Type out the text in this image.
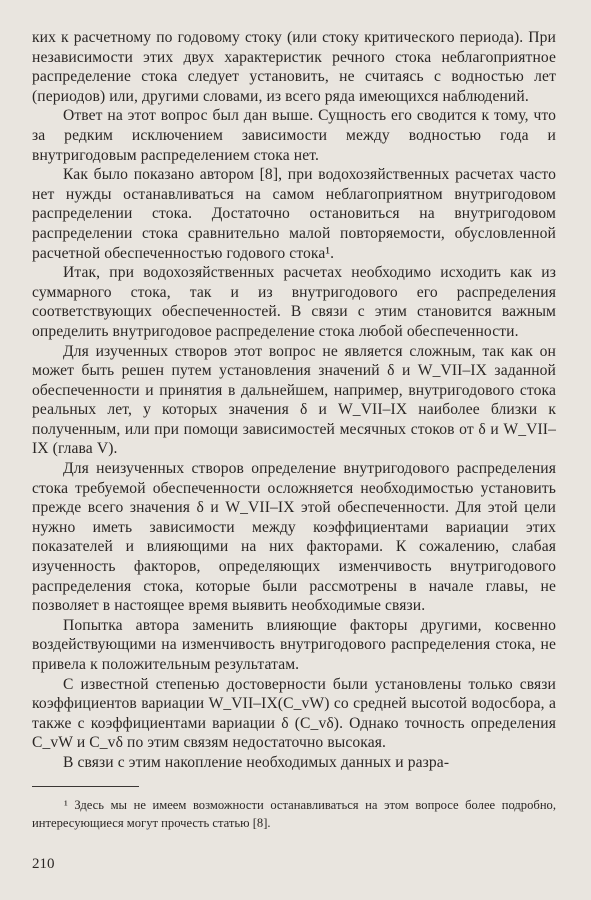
ких к расчетному по годовому стоку (или стоку критического периода). При независимости этих двух характеристик речного стока неблагоприятное распределение стока следует установить, не считаясь с водностью лет (периодов) или, другими словами, из всего ряда имеющихся наблюдений.

Ответ на этот вопрос был дан выше. Сущность его сводится к тому, что за редким исключением зависимости между водностью года и внутригодовым распределением стока нет.

Как было показано автором [8], при водохозяйственных расчетах часто нет нужды останавливаться на самом неблагоприятном внутригодовом распределении стока. Достаточно остановиться на внутригодовом распределении стока сравнительно малой повторяемости, обусловленной расчетной обеспеченностью годового стока¹.

Итак, при водохозяйственных расчетах необходимо исходить как из суммарного стока, так и из внутригодового его распределения соответствующих обеспеченностей. В связи с этим становится важным определить внутригодовое распределение стока любой обеспеченности.

Для изученных створов этот вопрос не является сложным, так как он может быть решен путем установления значений δ и W_VII–IX заданной обеспеченности и принятия в дальнейшем, например, внутригодового стока реальных лет, у которых значения δ и W_VII–IX наиболее близки к полученным, или при помощи зависимостей месячных стоков от δ и W_VII–IX (глава V).

Для неизученных створов определение внутригодового распределения стока требуемой обеспеченности осложняется необходимостью установить прежде всего значения δ и W_VII–IX этой обеспеченности. Для этой цели нужно иметь зависимости между коэффициентами вариации этих показателей и влияющими на них факторами. К сожалению, слабая изученность факторов, определяющих изменчивость внутригодового распределения стока, которые были рассмотрены в начале главы, не позволяет в настоящее время выявить необходимые связи.

Попытка автора заменить влияющие факторы другими, косвенно воздействующими на изменчивость внутригодового распределения стока, не привела к положительным результатам.

С известной степенью достоверности были установлены только связи коэффициентов вариации W_VII–IX(C_vW) со средней высотой водосбора, а также с коэффициентами вариации δ (C_vδ). Однако точность определения C_vW и C_vδ по этим связям недостаточно высокая.

В связи с этим накопление необходимых данных и разра-

¹ Здесь мы не имеем возможности останавливаться на этом вопросе более подробно, интересующиеся могут прочесть статью [8].

210
